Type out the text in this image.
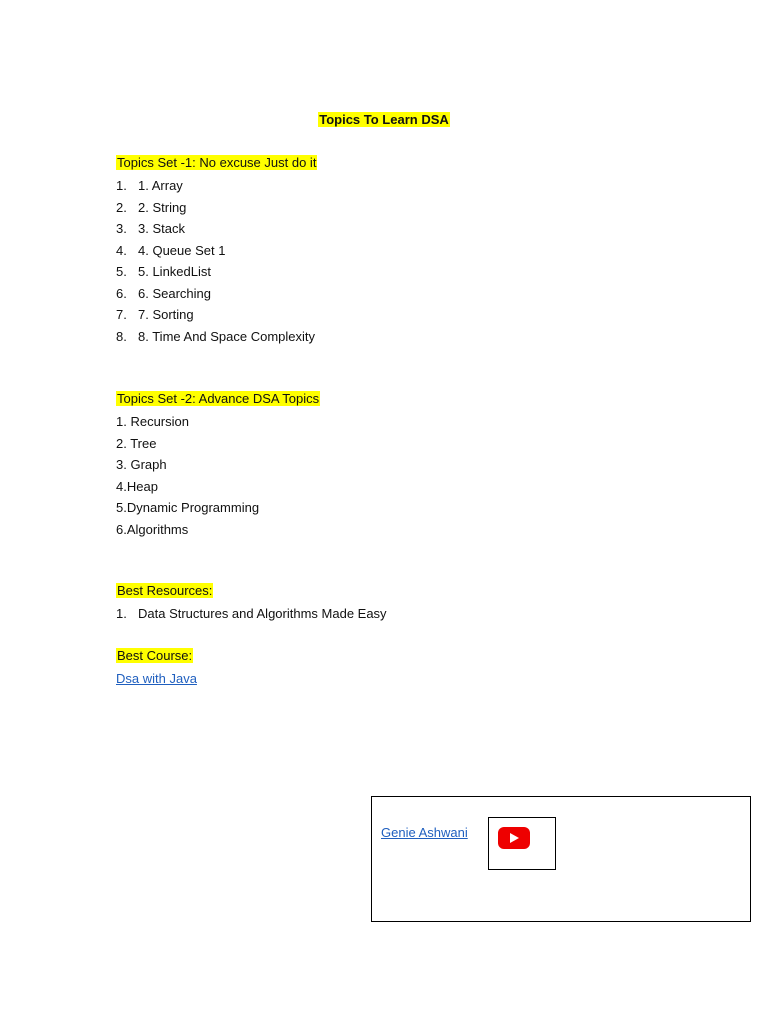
Topics To Learn DSA
Topics Set -1: No excuse Just do it
1. 1. Array
2. 2. String
3. 3. Stack
4. 4. Queue Set 1
5. 5. LinkedList
6. 6. Searching
7. 7. Sorting
8. 8. Time And Space Complexity
Topics Set -2: Advance DSA Topics
1. Recursion
2. Tree
3. Graph
4.Heap
5.Dynamic Programming
6.Algorithms
Best Resources:
1. Data Structures and Algorithms Made Easy
Best Course:
Dsa with Java
Genie Ashwani
